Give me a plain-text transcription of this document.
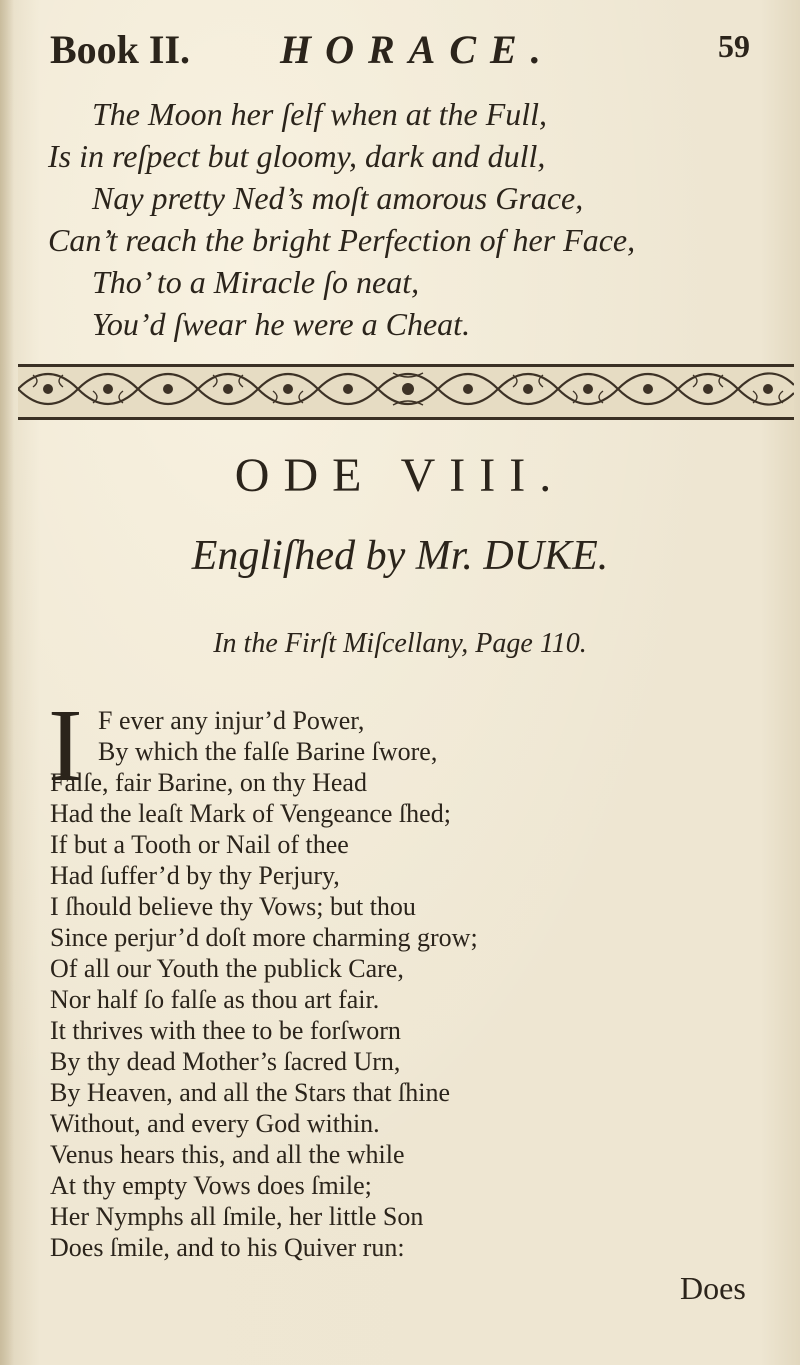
Book II. HORACE.	59
The Moon her ſelf when at the Full,
Is in reſpect but gloomy, dark and dull,
Nay pretty Ned’s moſt amorous Grace,
Can’t reach the bright Perfection of her Face,
Tho’ to a Miracle ſo neat,
You’d ſwear he were a Cheat.
ODE VIII.
Engliſhed by Mr. DUKE.
In the Firſt Miſcellany, Page 110.
I F ever any injur’d Power,
By which the falſe Barine ſwore,
Falſe, fair Barine, on thy Head
Had the leaſt Mark of Vengeance ſhed;
If but a Tooth or Nail of thee
Had ſuffer’d by thy Perjury,
I ſhould believe thy Vows; but thou
Since perjur’d doſt more charming grow;
Of all our Youth the publick Care,
Nor half ſo falſe as thou art fair.
It thrives with thee to be forſworn
By thy dead Mother’s ſacred Urn,
By Heaven, and all the Stars that ſhine
Without, and every God within.
Venus hears this, and all the while
At thy empty Vows does ſmile;
Her Nymphs all ſmile, her little Son
Does ſmile, and to his Quiver run:
Does
